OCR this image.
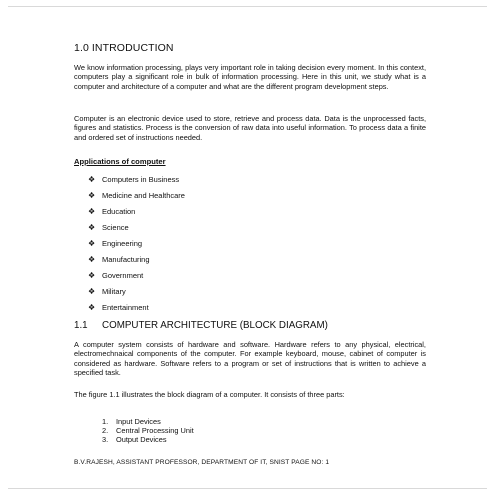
1.0 INTRODUCTION

We know information processing, plays very important role in taking decision every moment. In this context, computers play a significant role in bulk of information processing. Here in this unit, we study what is a computer and architecture of a computer and what are the different program development steps.

Computer is an electronic device used to store, retrieve and process data. Data is the unprocessed facts, figures and statistics. Process is the conversion of raw data into useful information. To process data a finite and ordered set of instructions needed.

Applications of computer

❖ Computers in Business
❖ Medicine and Healthcare
❖ Education
❖ Science
❖ Engineering
❖ Manufacturing
❖ Government
❖ Military
❖ Entertainment
1.1 COMPUTER ARCHITECTURE (BLOCK DIAGRAM)

A computer system consists of hardware and software. Hardware refers to any physical, electrical, electromechnaical components of the computer. For example keyboard, mouse, cabinet of computer is considered as hardware. Software refers to a program or set of instructions that is written to achieve a specified task.

The figure 1.1 illustrates the block diagram of a computer. It consists of three parts:

1. Input Devices
2. Central Processing Unit
3. Output Devices

B.V.RAJESH, ASSISTANT PROFESSOR, DEPARTMENT OF IT, SNIST PAGE NO: 1
